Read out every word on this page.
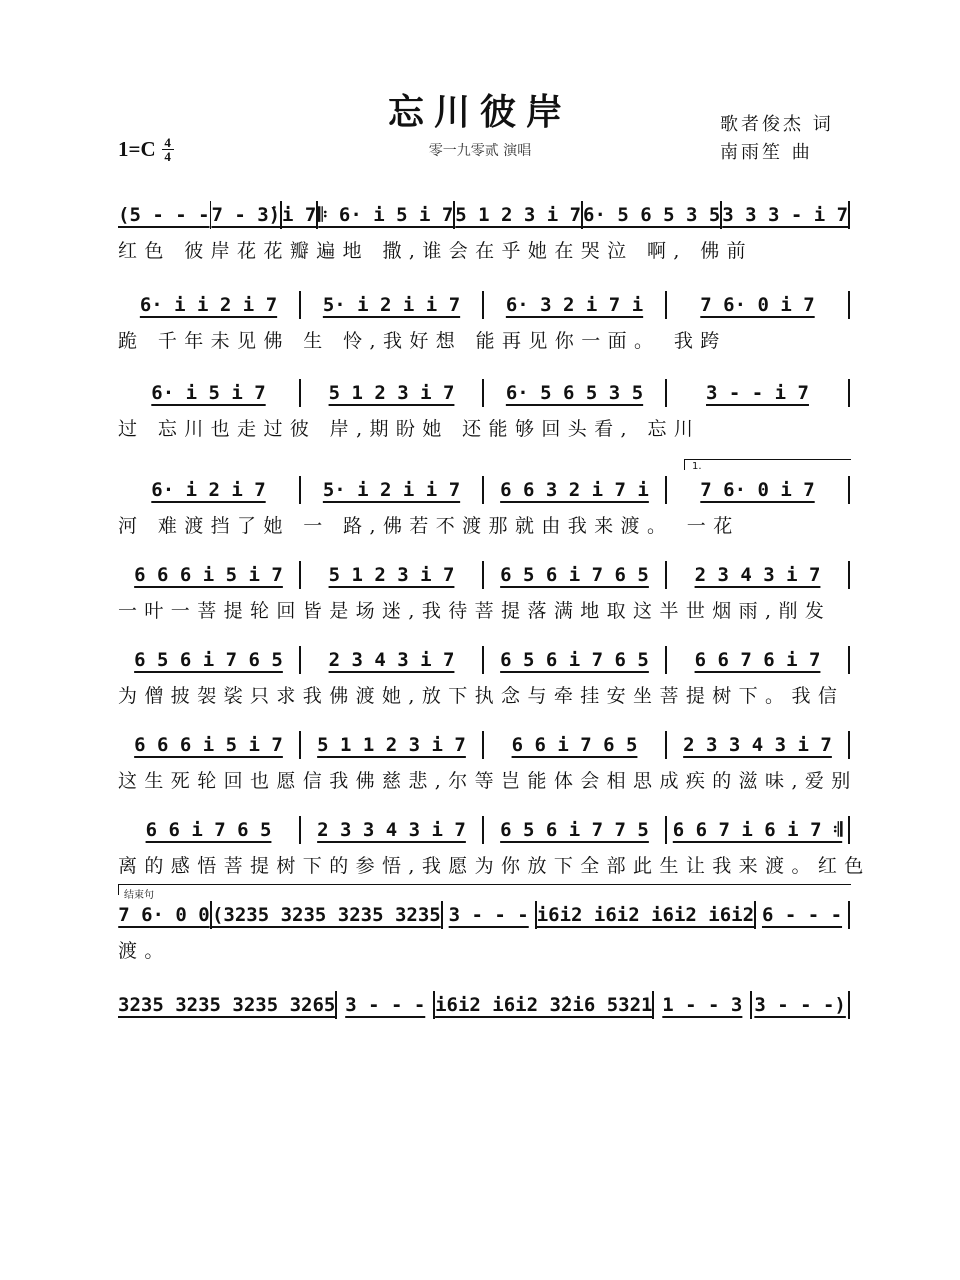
忘川彼岸
零一九零贰 演唱
$1=C \frac{4}{4}$
歌者俊杰 词
南雨笙 曲
(5 - - - 7 - 3̇) i 7 𝄆 6· i 5 i 7 5 1 2 3 i 7 6· 5 6 5 3 5 3 3 3 - i 7
红色 彼岸花花瓣遍地 撒,谁会在乎她在哭泣 啊, 佛前
6· i i 2 i 7	5· i 2 i i 7	6· 3 2 i 7 i	7 6· 0 i 7
跪 千年未见佛 生 怜,我好想 能再见你一面。 我跨
6· i 5 i 7	5 1 2 3 i 7	6· 5 6 5 3 5	3 - - i 7
过 忘川也走过彼 岸,期盼她 还能够回头看, 忘川
6· i 2 i 7	5· i 2 i i 7	6 6 3 2 i 7 i	7 6· 0 i 7
1.
河 难渡挡了她 一 路,佛若不渡那就由我来渡。 一花
6 6 6 i 5 i 7	5 1 2 3 i 7	6 5 6 i 7 6 5	2 3 4 3 i 7
一叶一菩提轮回皆是场迷,我待菩提落满地取这半世烟雨,削发
6 5 6 i 7 6 5	2 3 4 3 i 7	6 5 6 i 7 6 5	6 6 7 6 i 7
为僧披袈裟只求我佛渡她,放下执念与牵挂安坐菩提树下。我信
6 6 6 i 5 i 7	5 1 1 2 3 i 7	6 6 i 7 6 5	2 3 3 4 3 i 7
这生死轮回也愿信我佛慈悲,尔等岂能体会相思成疾的滋味,爱别
6 6 i 7 6 5	2 3 3 4 3 i 7	6 5 6 i 7 7 5	6 6 7 i 6 i 7 𝄇
离的感悟菩提树下的参悟,我愿为你放下全部此生让我来渡。红色
7 6· 0 0 (3235 3235 3235 3235 3 - - - i6i2 i6i2 i6i2 i6i2 6 - - -
结束句
渡。
3235 3235 3235 3265 3 - - - i6i2 i6i2 3̇2i6 5321 1 - - 3 3 - - -)
